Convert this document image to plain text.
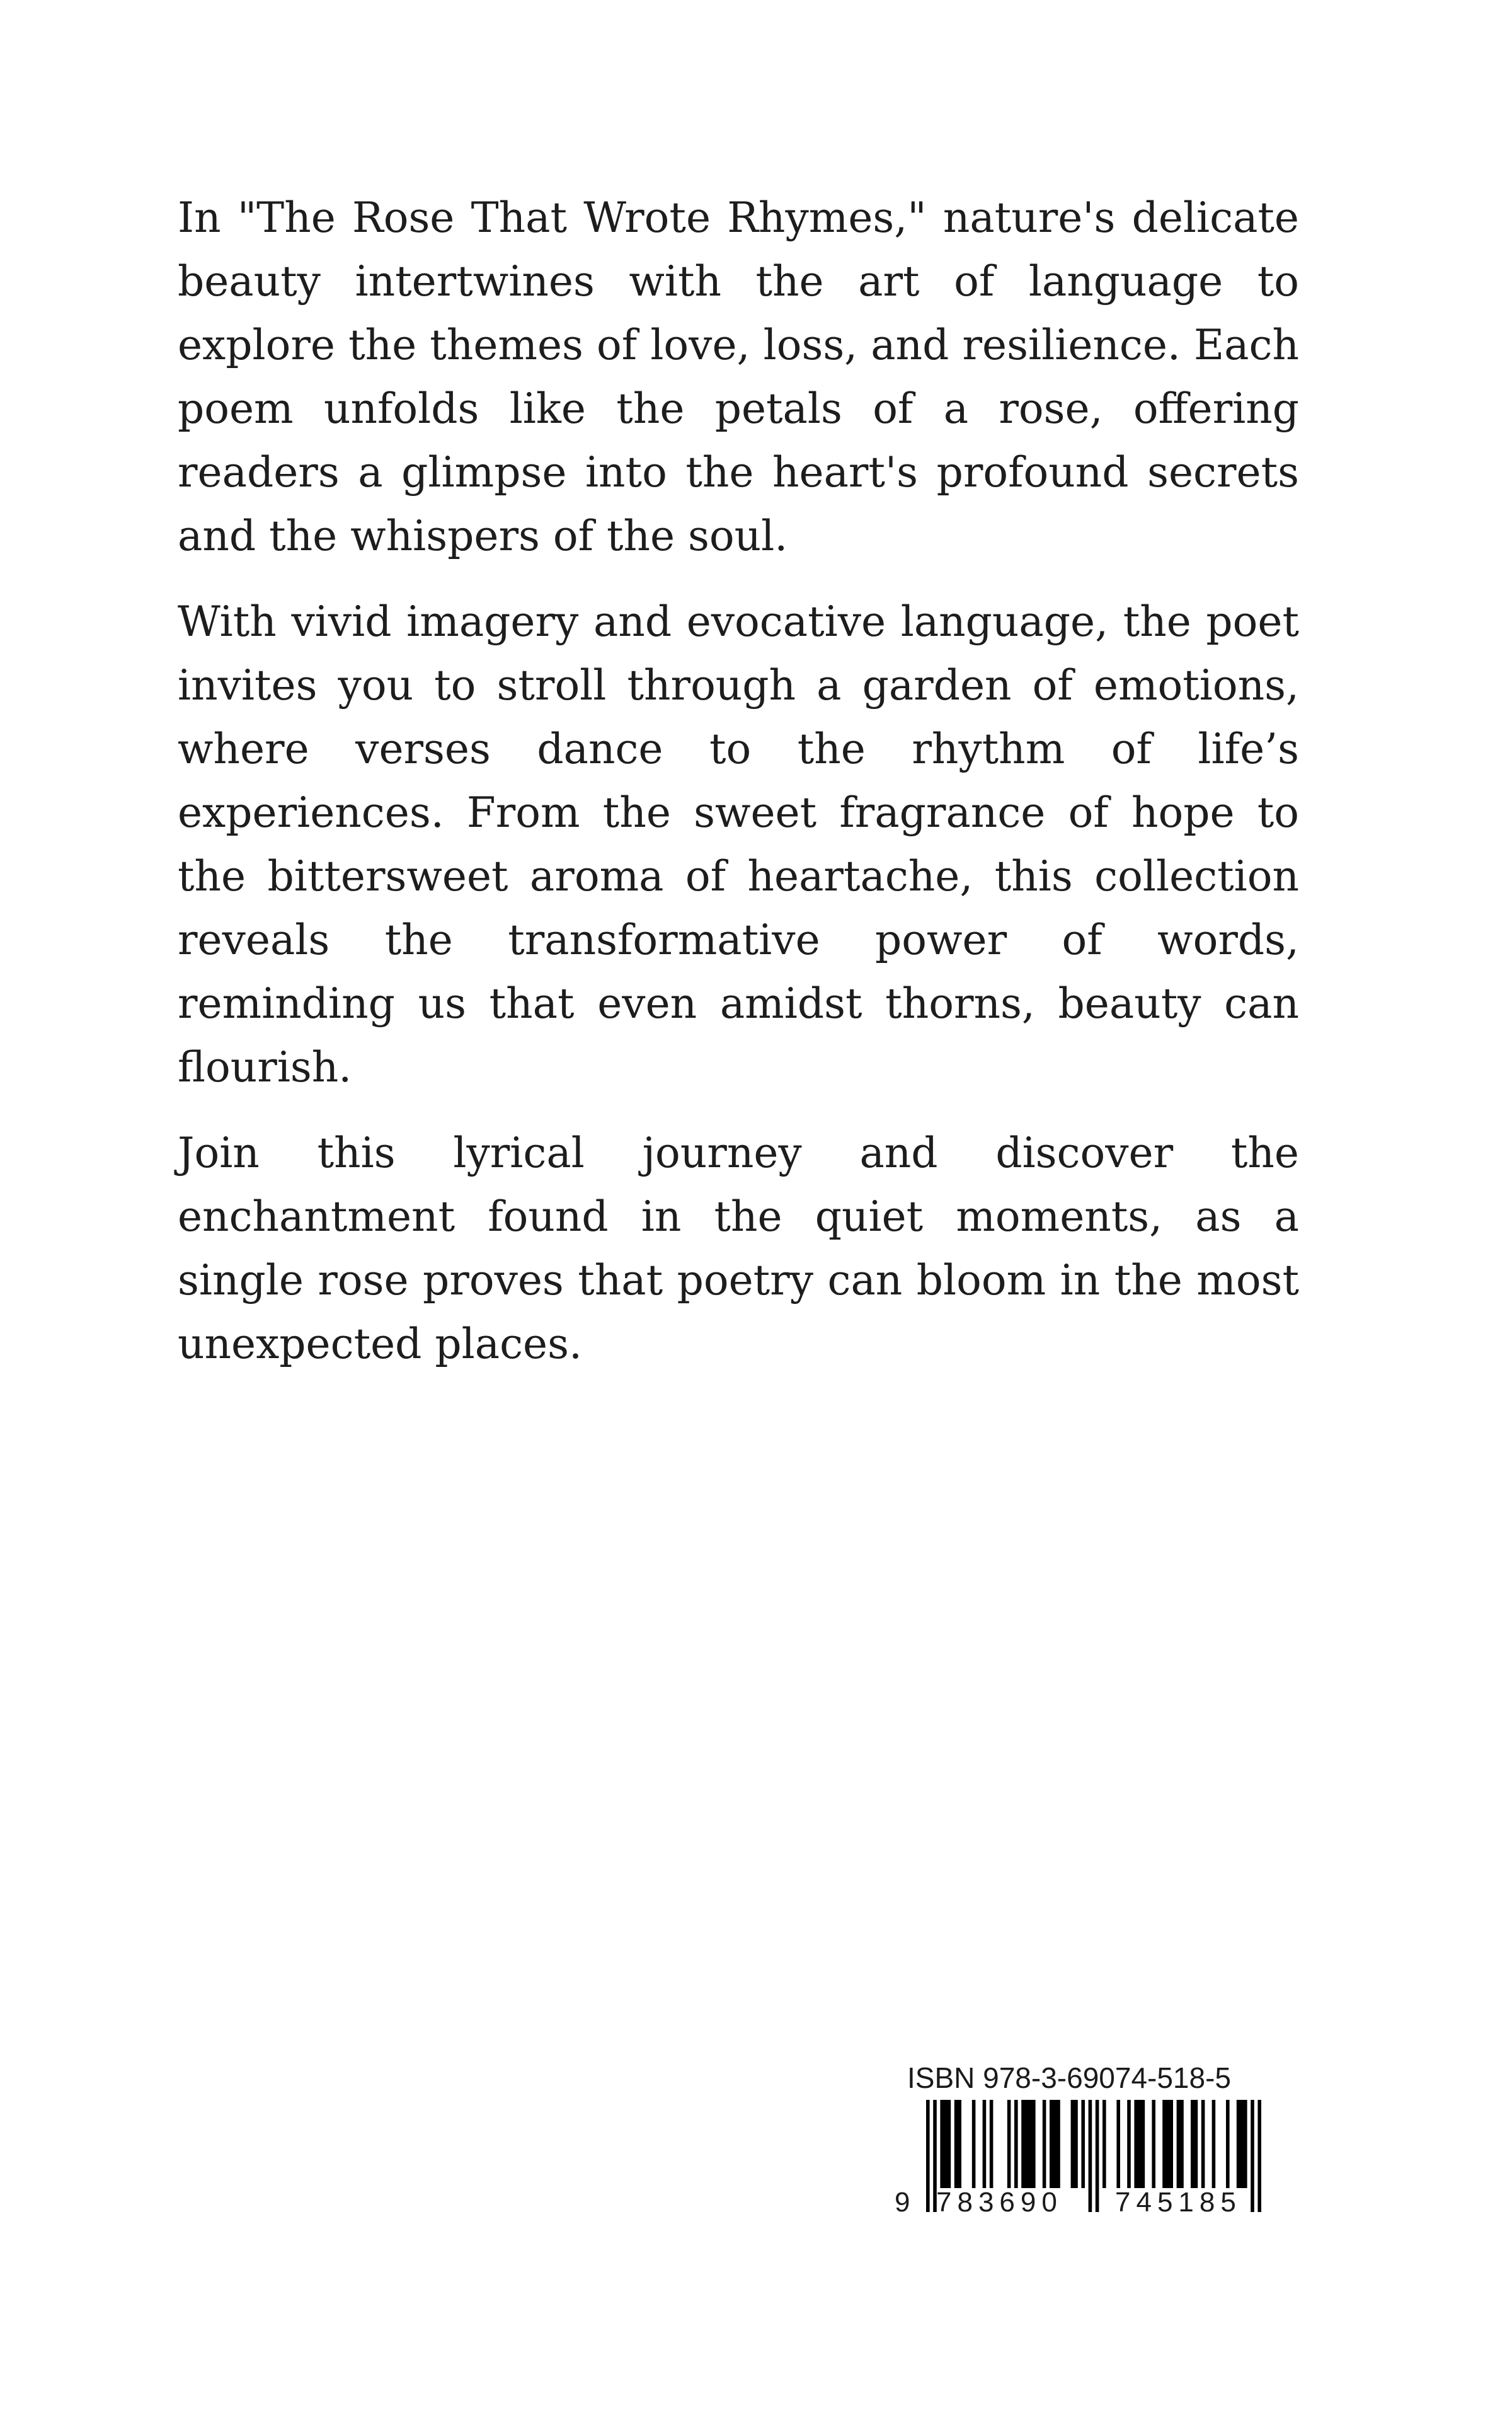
In "The Rose That Wrote Rhymes," nature's delicate beauty intertwines with the art of language to explore the themes of love, loss, and resilience. Each poem unfolds like the petals of a rose, offering readers a glimpse into the heart's profound secrets and the whispers of the soul.

With vivid imagery and evocative language, the poet invites you to stroll through a garden of emotions, where verses dance to the rhythm of life’s experiences. From the sweet fragrance of hope to the bittersweet aroma of heartache, this collection reveals the transformative power of words, reminding us that even amidst thorns, beauty can flourish.

Join this lyrical journey and discover the enchantment found in the quiet moments, as a single rose proves that poetry can bloom in the most unexpected places.

ISBN 978-3-69074-518-5
9 783690 745185
